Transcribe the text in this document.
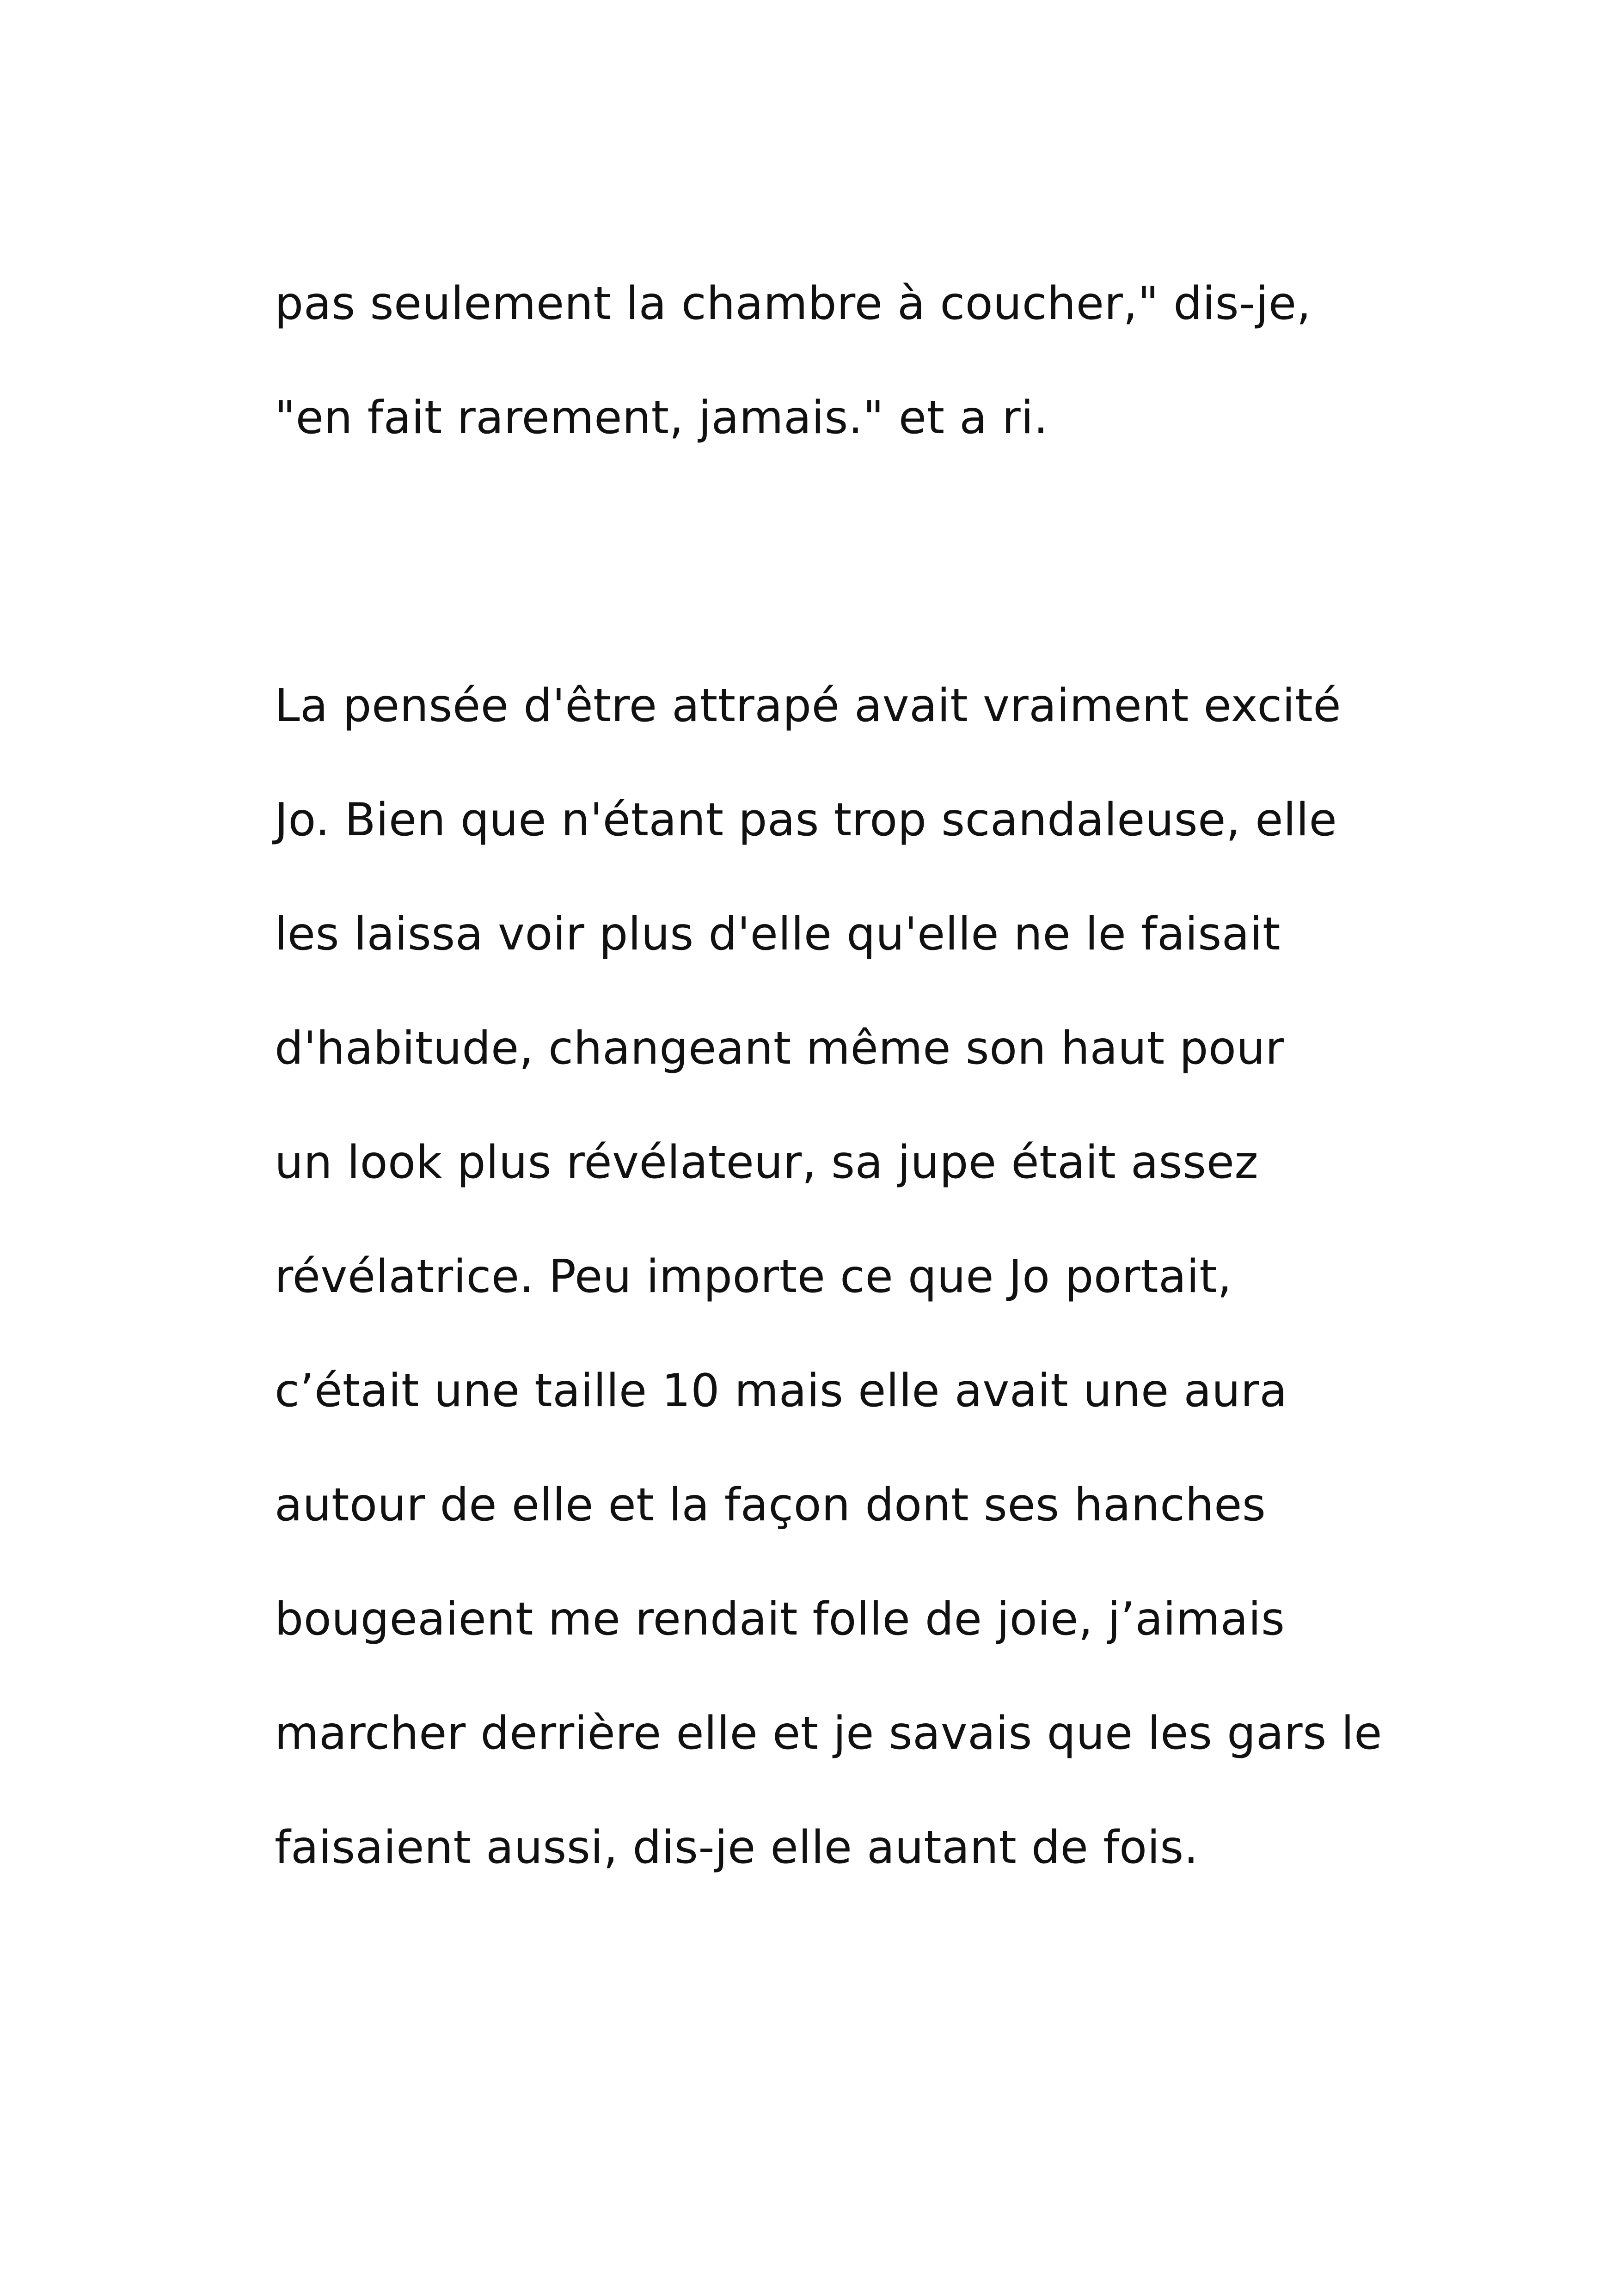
pas seulement la chambre à coucher," dis-je,
"en fait rarement, jamais." et a ri.
La pensée d'être attrapé avait vraiment excité
Jo. Bien que n'étant pas trop scandaleuse, elle
les laissa voir plus d'elle qu'elle ne le faisait
d'habitude, changeant même son haut pour
un look plus révélateur, sa jupe était assez
révélatrice. Peu importe ce que Jo portait,
c’était une taille 10 mais elle avait une aura
autour de elle et la façon dont ses hanches
bougeaient me rendait folle de joie, j’aimais
marcher derrière elle et je savais que les gars le
faisaient aussi, dis-je elle autant de fois.
